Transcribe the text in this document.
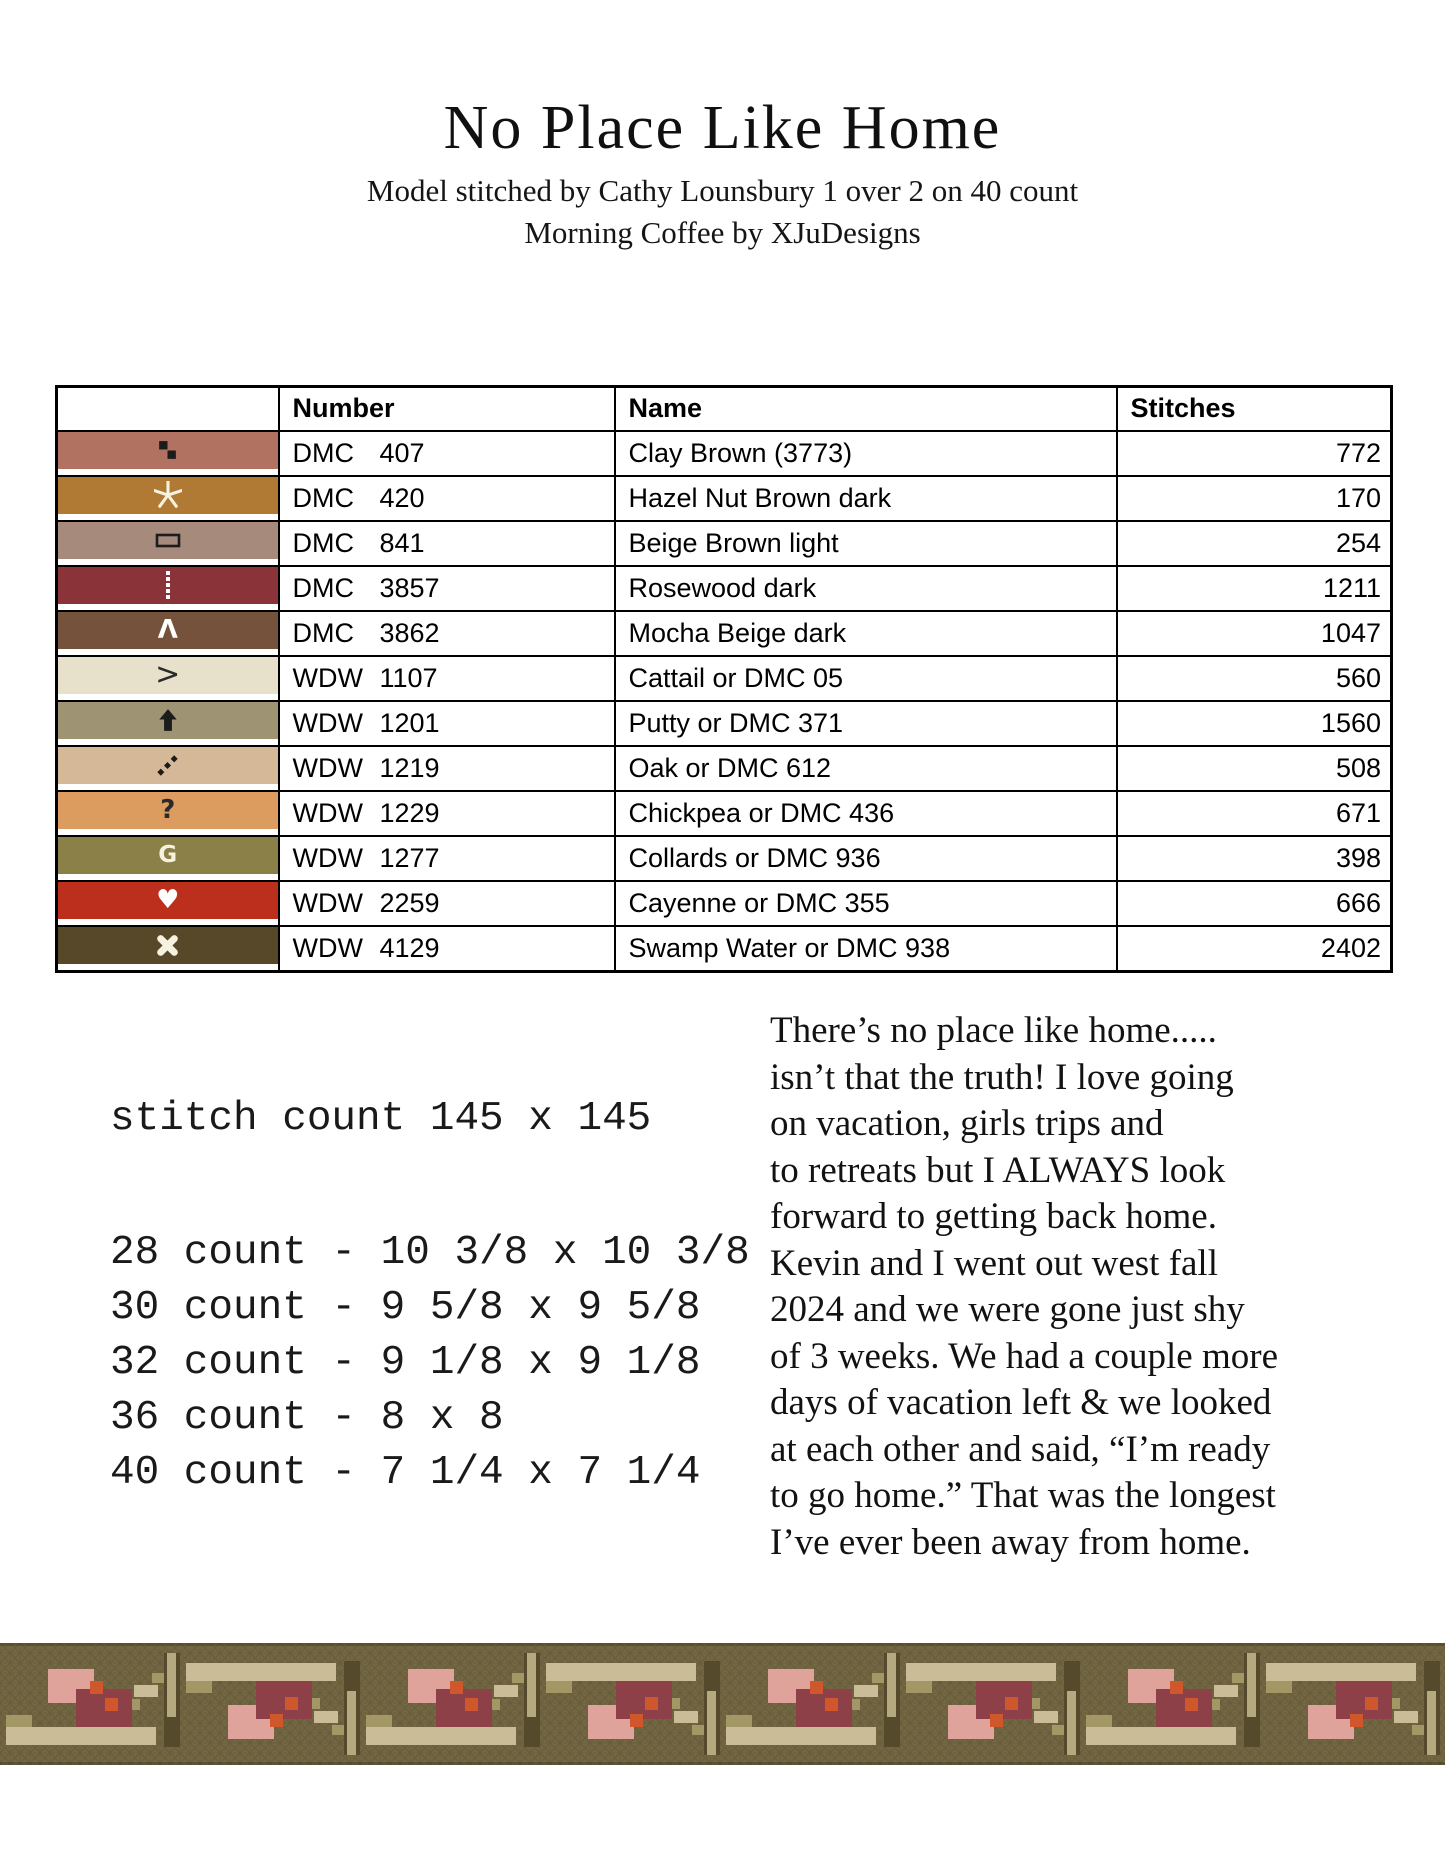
No Place Like Home
Model stitched by Cathy Lounsbury 1 over 2 on 40 count
Morning Coffee by XJuDesigns
	Number	Name	Stitches

	DMC 407	Clay Brown (3773)	772

	DMC 420	Hazel Nut Brown dark	170

	DMC 841	Beige Brown light	254

	DMC 3857	Rosewood dark	1211

Λ	DMC 3862	Mocha Beige dark	1047

>	WDW 1107	Cattail or DMC 05	560

	WDW 1201	Putty or DMC 371	1560

	WDW 1219	Oak or DMC 612	508

?	WDW 1229	Chickpea or DMC 436	671

G	WDW 1277	Collards or DMC 936	398

♥	WDW 2259	Cayenne or DMC 355	666

	WDW 4129	Swamp Water or DMC 938	2402
stitch count 145 x 145
28 count - 10 3/8 x 10 3/8
30 count - 9 5/8 x 9 5/8
32 count - 9 1/8 x 9 1/8
36 count - 8 x 8
40 count - 7 1/4 x 7 1/4
There’s no place like home.....
isn’t that the truth! I love going
on vacation, girls trips and
to retreats but I ALWAYS look
forward to getting back home.
Kevin and I went out west fall
2024 and we were gone just shy
of 3 weeks. We had a couple more
days of vacation left & we looked
at each other and said, “I’m ready
to go home.” That was the longest
I’ve ever been away from home.
